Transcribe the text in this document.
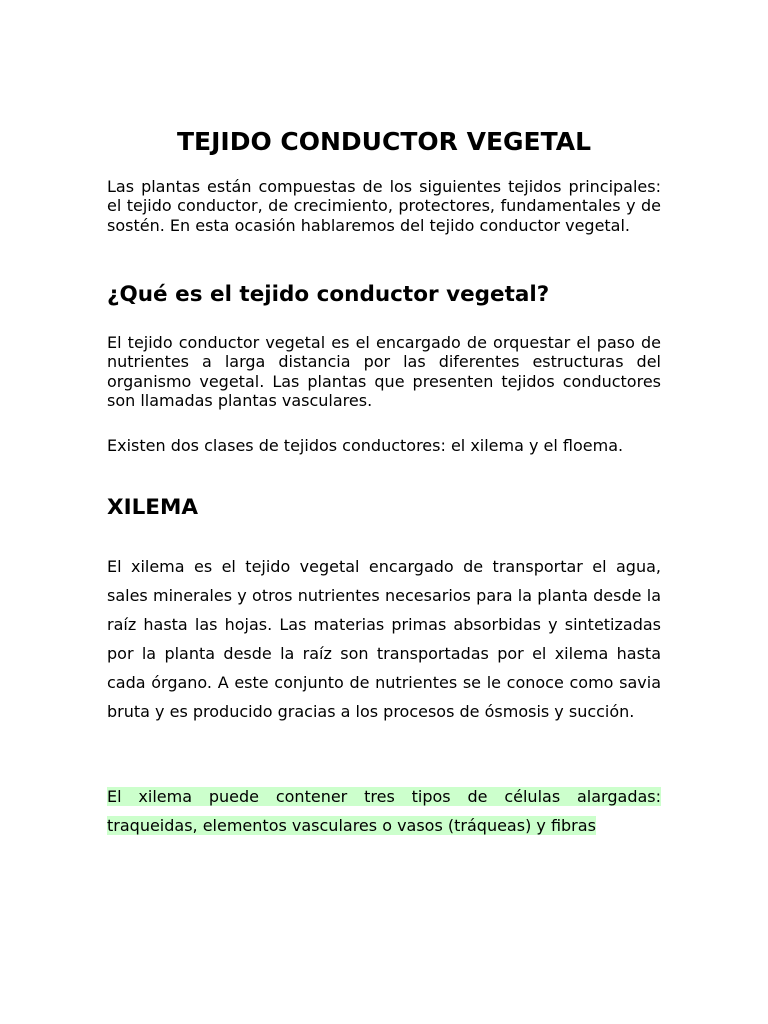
TEJIDO CONDUCTOR VEGETAL

Las plantas están compuestas de los siguientes tejidos principales: el tejido conductor, de crecimiento, protectores, fundamentales y de sostén. En esta ocasión hablaremos del tejido conductor vegetal.

¿Qué es el tejido conductor vegetal?

El tejido conductor vegetal es el encargado de orquestar el paso de nutrientes a larga distancia por las diferentes estructuras del organismo vegetal. Las plantas que presenten tejidos conductores son llamadas plantas vasculares.

Existen dos clases de tejidos conductores: el xilema y el floema.

XILEMA

El xilema es el tejido vegetal encargado de transportar el agua, sales minerales y otros nutrientes necesarios para la planta desde la raíz hasta las hojas. Las materias primas absorbidas y sintetizadas por la planta desde la raíz son transportadas por el xilema hasta cada órgano. A este conjunto de nutrientes se le conoce como savia bruta y es producido gracias a los procesos de ósmosis y succión.

El xilema puede contener tres tipos de células alargadas: traqueidas, elementos vasculares o vasos (tráqueas) y fibras
